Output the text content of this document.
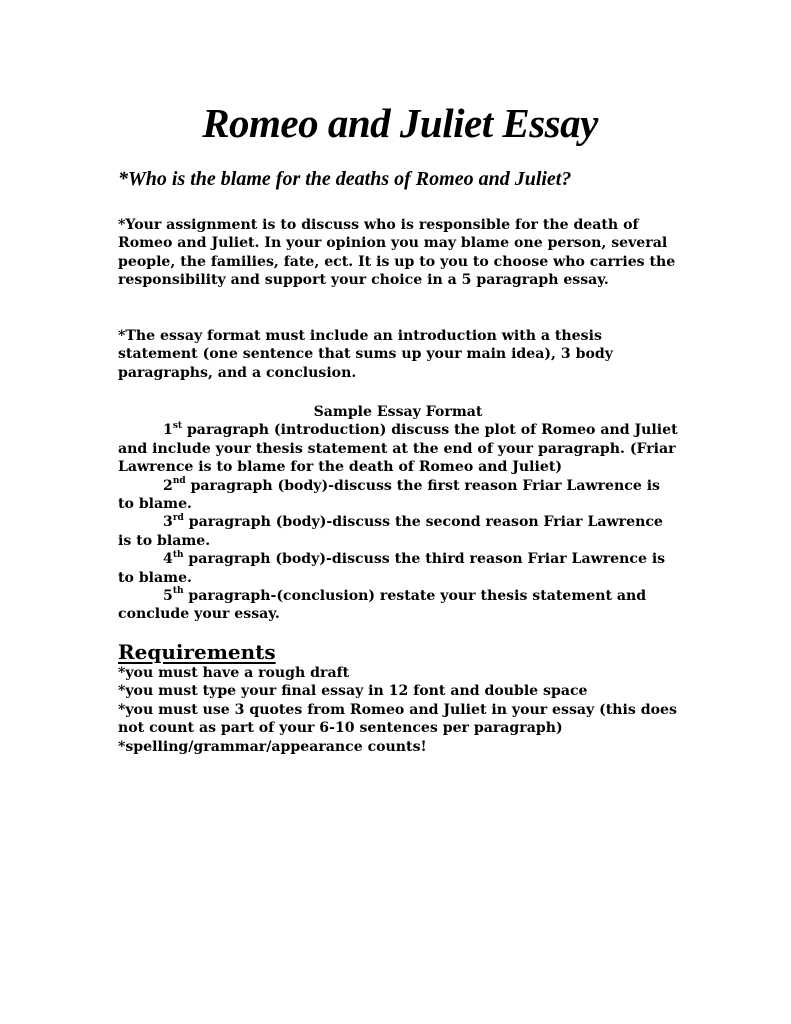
Romeo and Juliet Essay
*Who is the blame for the deaths of Romeo and Juliet?

*Your assignment is to discuss who is responsible for the death of Romeo and Juliet. In your opinion you may blame one person, several people, the families, fate, ect. It is up to you to choose who carries the responsibility and support your choice in a 5 paragraph essay.

*The essay format must include an introduction with a thesis statement (one sentence that sums up your main idea), 3 body paragraphs, and a conclusion.

Sample Essay Format
1st paragraph (introduction) discuss the plot of Romeo and Juliet and include your thesis statement at the end of your paragraph. (Friar Lawrence is to blame for the death of Romeo and Juliet)
2nd paragraph (body)-discuss the first reason Friar Lawrence is to blame.
3rd paragraph (body)-discuss the second reason Friar Lawrence is to blame.
4th paragraph (body)-discuss the third reason Friar Lawrence is to blame.
5th paragraph-(conclusion) restate your thesis statement and conclude your essay.
Requirements
*you must have a rough draft
*you must type your final essay in 12 font and double space
*you must use 3 quotes from Romeo and Juliet in your essay (this does not count as part of your 6-10 sentences per paragraph)
*spelling/grammar/appearance counts!
